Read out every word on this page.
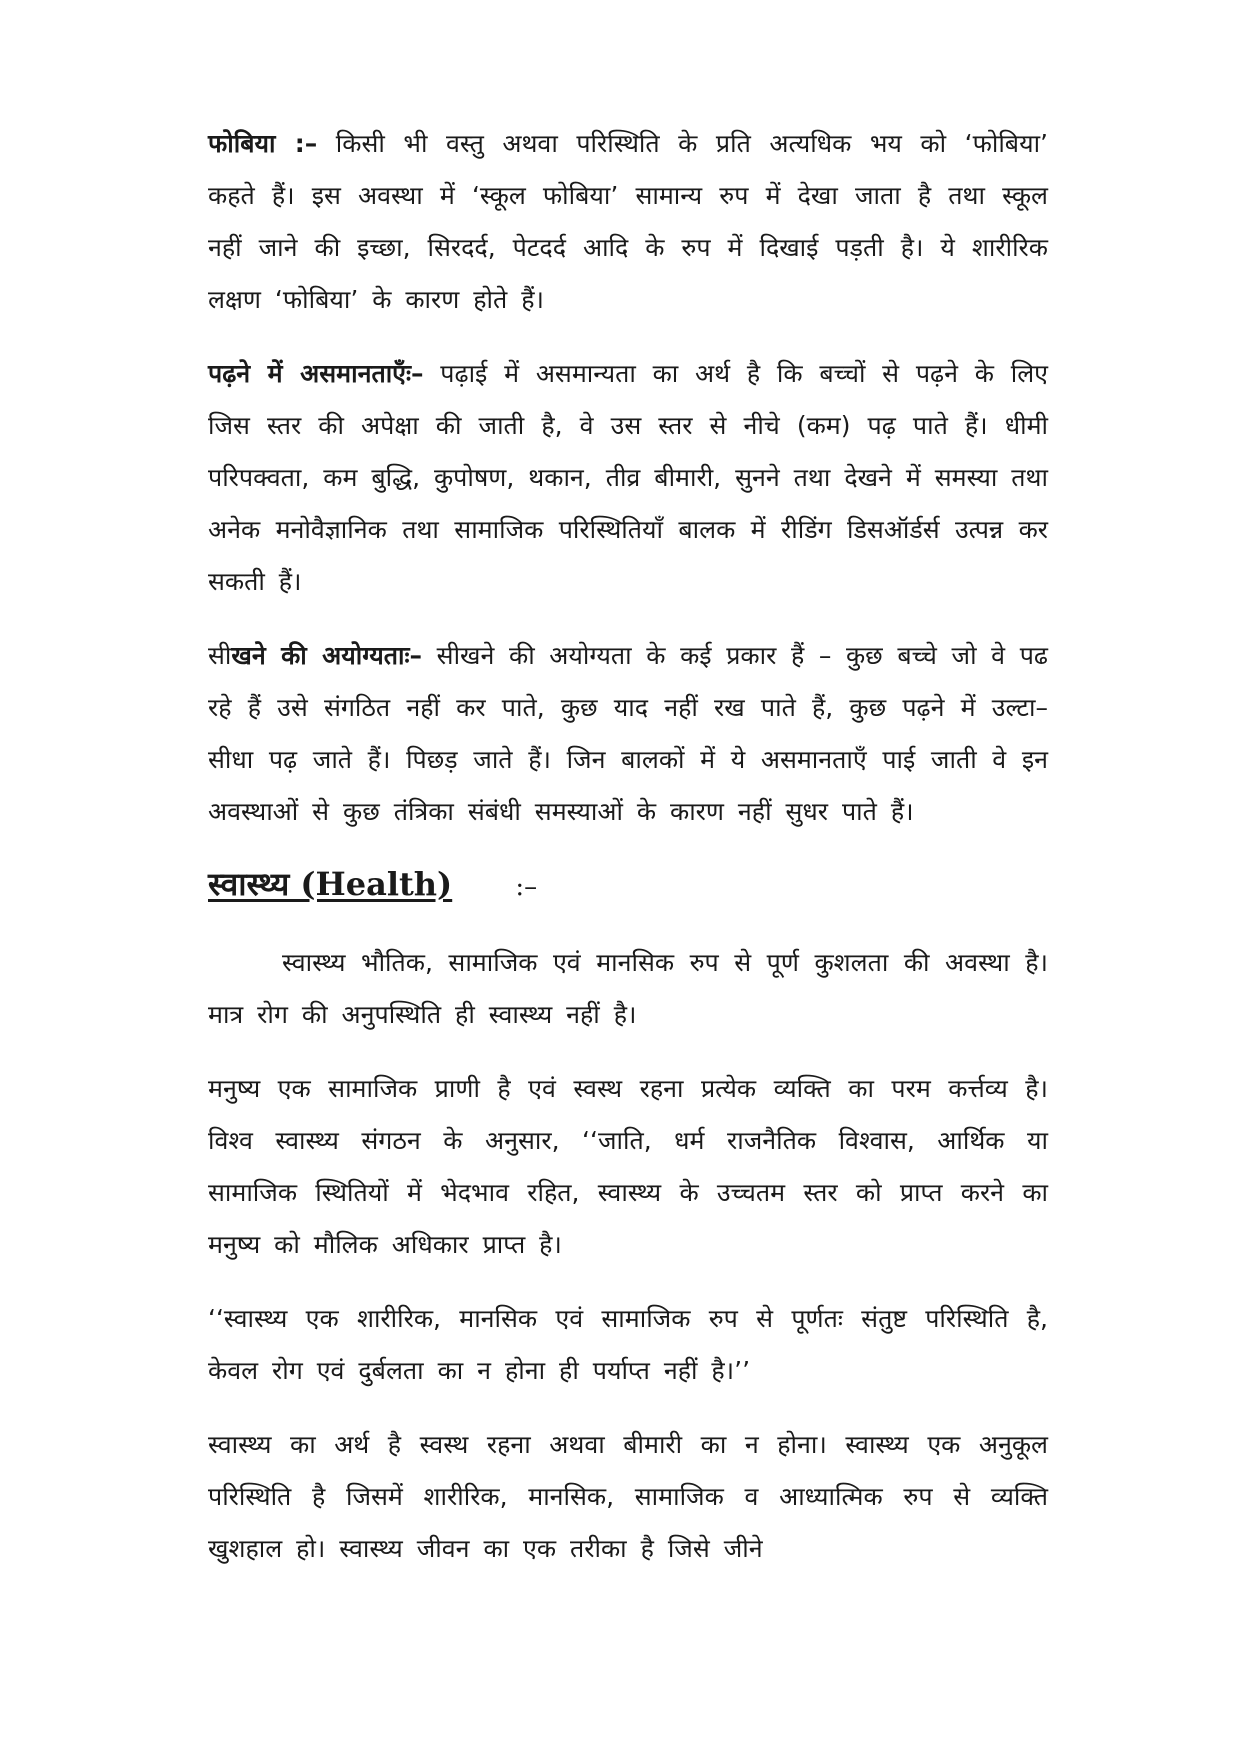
फोबिया :– किसी भी वस्तु अथवा परिस्थिति के प्रति अत्यधिक भय को ‘फोबिया’ कहते हैं। इस अवस्था में ‘स्कूल फोबिया’ सामान्य रुप में देखा जाता है तथा स्कूल नहीं जाने की इच्छा, सिरदर्द, पेटदर्द आदि के रुप में दिखाई पड़ती है। ये शारीरिक लक्षण ‘फोबिया’ के कारण होते हैं।

पढ़ने में असमानताएँः– पढ़ाई में असमान्यता का अर्थ है कि बच्चों से पढ़ने के लिए जिस स्तर की अपेक्षा की जाती है, वे उस स्तर से नीचे (कम) पढ़ पाते हैं। धीमी परिपक्वता, कम बुद्धि, कुपोषण, थकान, तीव्र बीमारी, सुनने तथा देखने में समस्या तथा अनेक मनोवैज्ञानिक तथा सामाजिक परिस्थितियाँ बालक में रीडिंग डिसऑर्डर्स उत्पन्न कर सकती हैं।

सीखने की अयोग्यताः– सीखने की अयोग्यता के कई प्रकार हैं – कुछ बच्चे जो वे पढ रहे हैं उसे संगठित नहीं कर पाते, कुछ याद नहीं रख पाते हैं, कुछ पढ़ने में उल्टा–सीधा पढ़ जाते हैं। पिछड़ जाते हैं। जिन बालकों में ये असमानताएँ पाई जाती वे इन अवस्थाओं से कुछ तंत्रिका संबंधी समस्याओं के कारण नहीं सुधर पाते हैं।

स्वास्थ्य (Health) :–

स्वास्थ्य भौतिक, सामाजिक एवं मानसिक रुप से पूर्ण कुशलता की अवस्था है। मात्र रोग की अनुपस्थिति ही स्वास्थ्य नहीं है।

मनुष्य एक सामाजिक प्राणी है एवं स्वस्थ रहना प्रत्येक व्यक्ति का परम कर्त्तव्य है। विश्व स्वास्थ्य संगठन के अनुसार, ‘‘जाति, धर्म राजनैतिक विश्वास, आर्थिक या सामाजिक स्थितियों में भेदभाव रहित, स्वास्थ्य के उच्चतम स्तर को प्राप्त करने का मनुष्य को मौलिक अधिकार प्राप्त है।

‘‘स्वास्थ्य एक शारीरिक, मानसिक एवं सामाजिक रुप से पूर्णतः संतुष्ट परिस्थिति है, केवल रोग एवं दुर्बलता का न होना ही पर्याप्त नहीं है।’’

स्वास्थ्य का अर्थ है स्वस्थ रहना अथवा बीमारी का न होना। स्वास्थ्य एक अनुकूल परिस्थिति है जिसमें शारीरिक, मानसिक, सामाजिक व आध्यात्मिक रुप से व्यक्ति खुशहाल हो। स्वास्थ्य जीवन का एक तरीका है जिसे जीने
